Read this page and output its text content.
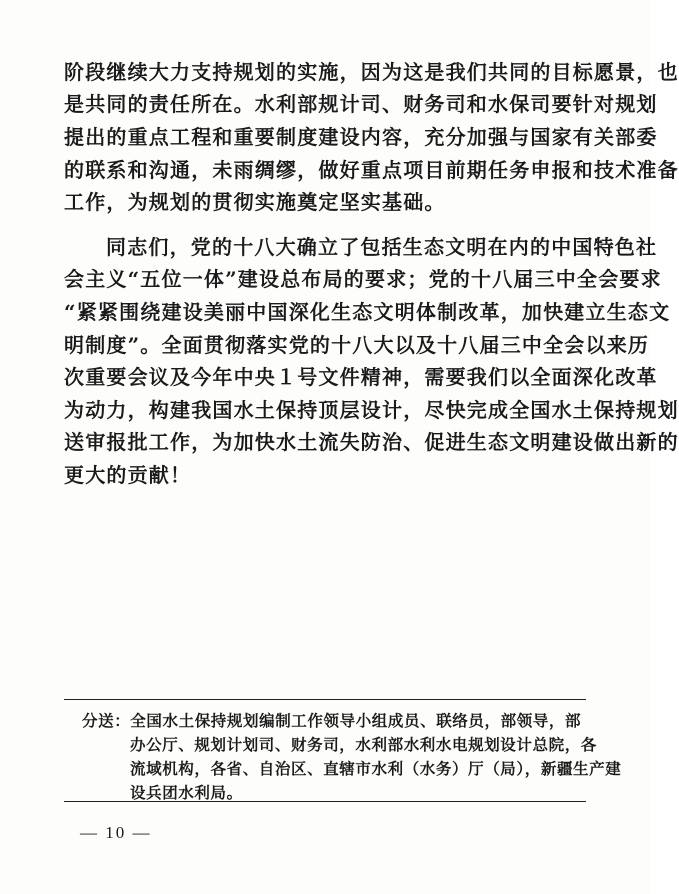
阶段继续大力支持规划的实施，因为这是我们共同的目标愿景，也
是共同的责任所在。水利部规计司、财务司和水保司要针对规划
提出的重点工程和重要制度建设内容，充分加强与国家有关部委
的联系和沟通，未雨绸缪，做好重点项目前期任务申报和技术准备
工作，为规划的贯彻实施奠定坚实基础。
同志们，党的十八大确立了包括生态文明在内的中国特色社
会主义“五位一体”建设总布局的要求；党的十八届三中全会要求
“紧紧围绕建设美丽中国深化生态文明体制改革，加快建立生态文
明制度”。全面贯彻落实党的十八大以及十八届三中全会以来历
次重要会议及今年中央１号文件精神，需要我们以全面深化改革
为动力，构建我国水土保持顶层设计，尽快完成全国水土保持规划
送审报批工作，为加快水土流失防治、促进生态文明建设做出新的
更大的贡献！
分送：全国水土保持规划编制工作领导小组成员、联络员，部领导，部
办公厅、规划计划司、财务司，水利部水利水电规划设计总院，各
流域机构，各省、自治区、直辖市水利（水务）厅（局），新疆生产建
设兵团水利局。
— 10 —
